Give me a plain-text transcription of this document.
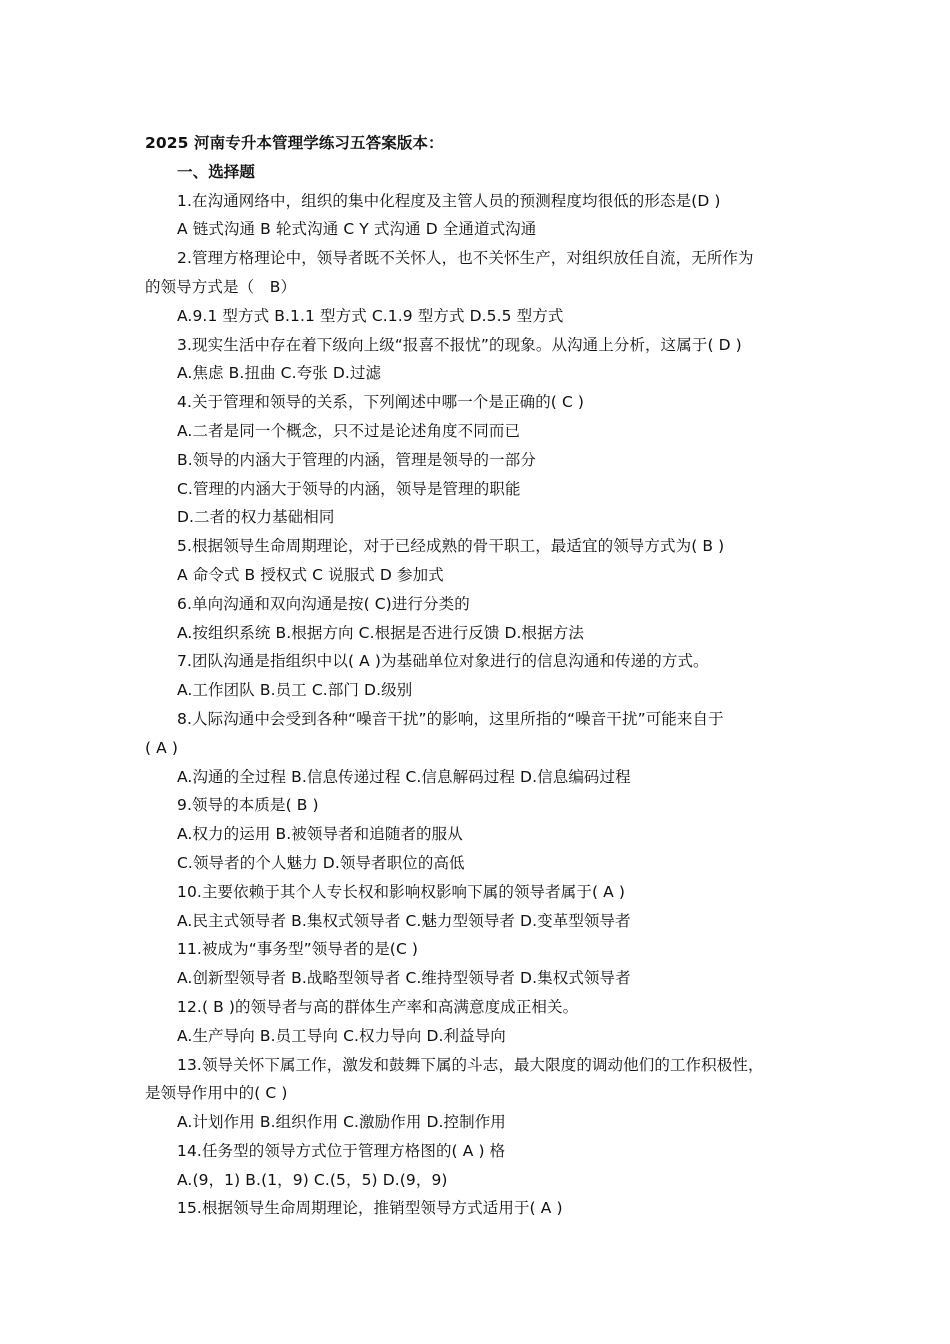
2025 河南专升本管理学练习五答案版本：
一、选择题
1.在沟通网络中，组织的集中化程度及主管人员的预测程度均很低的形态是(D )
A 链式沟通 B 轮式沟通 C Y 式沟通 D 全通道式沟通
2.管理方格理论中，领导者既不关怀人，也不关怀生产，对组织放任自流，无所作为
的领导方式是（　B）
A.9.1 型方式 B.1.1 型方式 C.1.9 型方式 D.5.5 型方式
3.现实生活中存在着下级向上级“报喜不报忧”的现象。从沟通上分析，这属于( D )
A.焦虑 B.扭曲 C.夸张 D.过滤
4.关于管理和领导的关系，下列阐述中哪一个是正确的( C )
A.二者是同一个概念，只不过是论述角度不同而已
B.领导的内涵大于管理的内涵，管理是领导的一部分
C.管理的内涵大于领导的内涵，领导是管理的职能
D.二者的权力基础相同
5.根据领导生命周期理论，对于已经成熟的骨干职工，最适宜的领导方式为( B )
A 命令式 B 授权式 C 说服式 D 参加式
6.单向沟通和双向沟通是按( C)进行分类的
A.按组织系统 B.根据方向 C.根据是否进行反馈 D.根据方法
7.团队沟通是指组织中以( A )为基础单位对象进行的信息沟通和传递的方式。
A.工作团队 B.员工 C.部门 D.级别
8.人际沟通中会受到各种“噪音干扰”的影响，这里所指的“噪音干扰”可能来自于
( A )
A.沟通的全过程 B.信息传递过程 C.信息解码过程 D.信息编码过程
9.领导的本质是( B )
A.权力的运用 B.被领导者和追随者的服从
C.领导者的个人魅力 D.领导者职位的高低
10.主要依赖于其个人专长权和影响权影响下属的领导者属于( A )
A.民主式领导者 B.集权式领导者 C.魅力型领导者 D.变革型领导者
11.被成为“事务型”领导者的是(C )
A.创新型领导者 B.战略型领导者 C.维持型领导者 D.集权式领导者
12.( B )的领导者与高的群体生产率和高满意度成正相关。
A.生产导向 B.员工导向 C.权力导向 D.利益导向
13.领导关怀下属工作，激发和鼓舞下属的斗志，最大限度的调动他们的工作积极性，
是领导作用中的( C )
A.计划作用 B.组织作用 C.激励作用 D.控制作用
14.任务型的领导方式位于管理方格图的( A ) 格
A.(9，1) B.(1，9) C.(5，5) D.(9，9)
15.根据领导生命周期理论，推销型领导方式适用于( A )
